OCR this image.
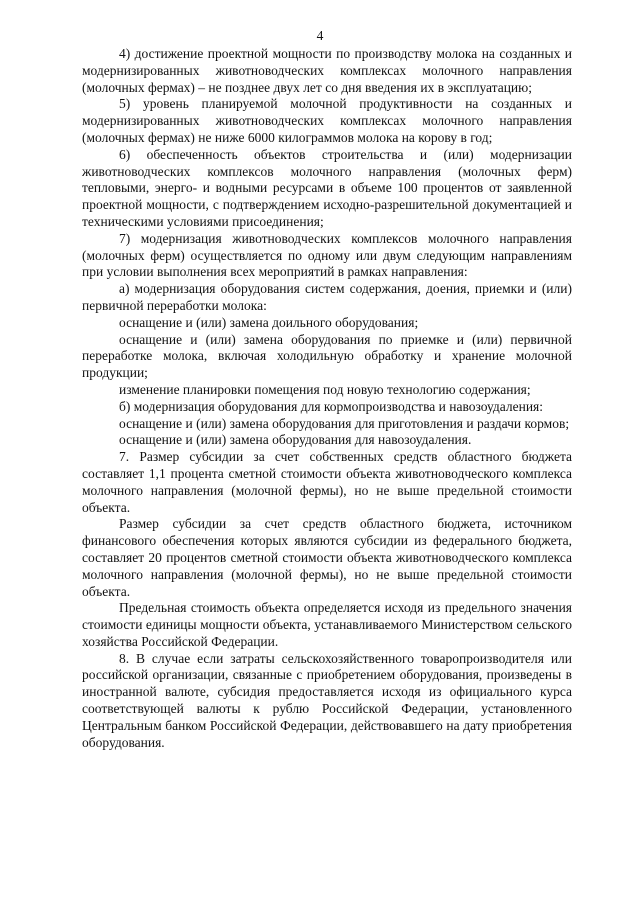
4

4) достижение проектной мощности по производству молока на созданных и модернизированных животноводческих комплексах молочного направления (молочных фермах) – не позднее двух лет со дня введения их в эксплуатацию;

5) уровень планируемой молочной продуктивности на созданных и модернизированных животноводческих комплексах молочного направления (молочных фермах) не ниже 6000 килограммов молока на корову в год;

6) обеспеченность объектов строительства и (или) модернизации животноводческих комплексов молочного направления (молочных ферм) тепловыми, энерго- и водными ресурсами в объеме 100 процентов от заявленной проектной мощности, с подтверждением исходно-разрешительной документацией и техническими условиями присоединения;

7) модернизация животноводческих комплексов молочного направления (молочных ферм) осуществляется по одному или двум следующим направлениям при условии выполнения всех мероприятий в рамках направления:

а) модернизация оборудования систем содержания, доения, приемки и (или) первичной переработки молока:

оснащение и (или) замена доильного оборудования;

оснащение и (или) замена оборудования по приемке и (или) первичной переработке молока, включая холодильную обработку и хранение молочной продукции;

изменение планировки помещения под новую технологию содержания;

б) модернизация оборудования для кормопроизводства и навозоудаления:

оснащение и (или) замена оборудования для приготовления и раздачи кормов;

оснащение и (или) замена оборудования для навозоудаления.

7. Размер субсидии за счет собственных средств областного бюджета составляет 1,1 процента сметной стоимости объекта животноводческого комплекса молочного направления (молочной фермы), но не выше предельной стоимости объекта.

Размер субсидии за счет средств областного бюджета, источником финансового обеспечения которых являются субсидии из федерального бюджета, составляет 20 процентов сметной стоимости объекта животноводческого комплекса молочного направления (молочной фермы), но не выше предельной стоимости объекта.

Предельная стоимость объекта определяется исходя из предельного значения стоимости единицы мощности объекта, устанавливаемого Министерством сельского хозяйства Российской Федерации.

8. В случае если затраты сельскохозяйственного товаропроизводителя или российской организации, связанные с приобретением оборудования, произведены в иностранной валюте, субсидия предоставляется исходя из официального курса соответствующей валюты к рублю Российской Федерации, установленного Центральным банком Российской Федерации, действовавшего на дату приобретения оборудования.
